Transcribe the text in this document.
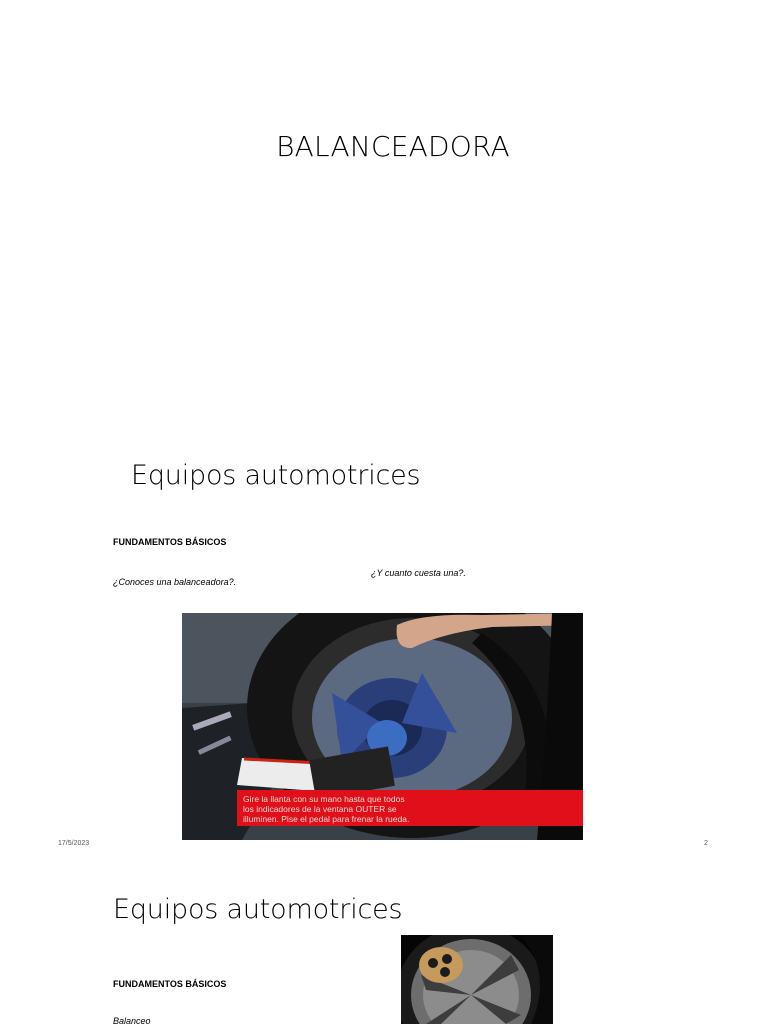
BALANCEADORA
Equipos automotrices
FUNDAMENTOS BÁSICOS
¿Conoces una balanceadora?.
¿Y cuanto cuesta una?.
Gire la llanta con su mano hasta que todos
los indicadores de la ventana OUTER se
illuminen. Pise el pedal para frenar la rueda.
17/5/2023	2
Equipos automotrices
FUNDAMENTOS BÁSICOS
Balanceo
